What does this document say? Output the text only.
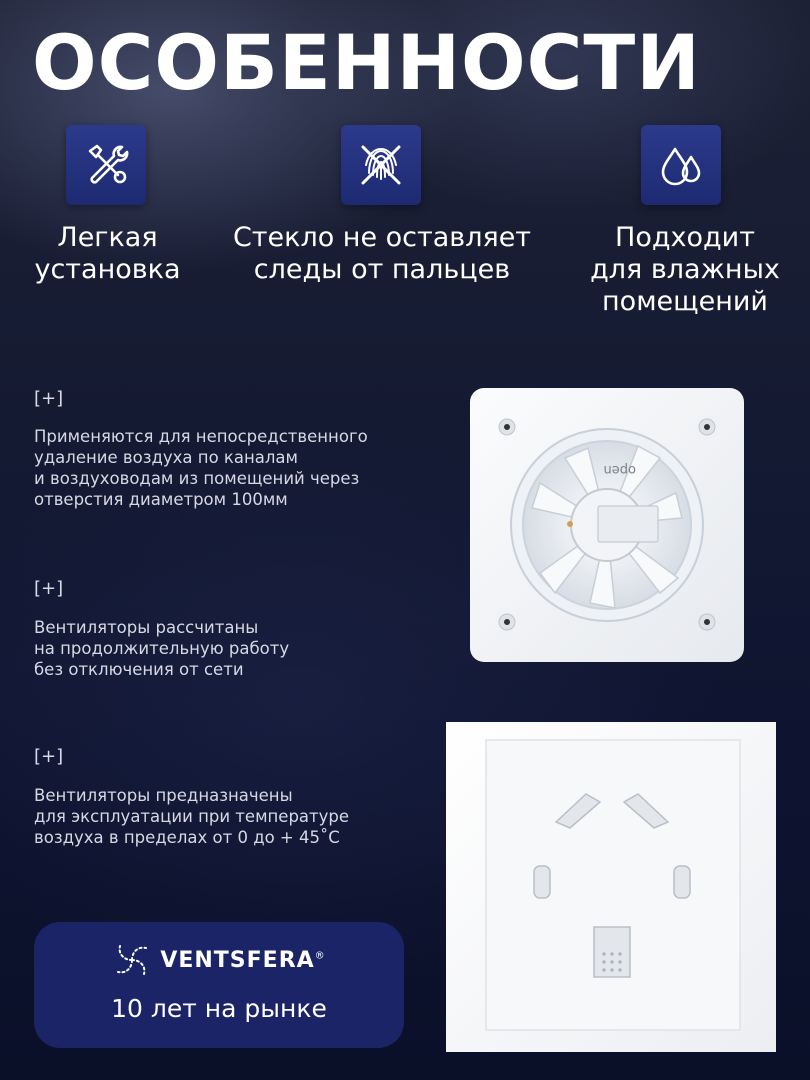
ОСОБЕННОСТИ
Легкая
установка
Стекло не оставляет
следы от пальцев
Подходит
для влажных
помещений
[+]
Применяются для непосредственного
удаление воздуха по каналам
и воздуховодам из помещений через
отверстия диаметром 100мм
[+]
Вентиляторы рассчитаны
на продолжительную работу
без отключения от сети
[+]
Вентиляторы предназначены
для эксплуатации при температуре
воздуха в пределах от 0 до + 45˚С
open
VENTSFERA®
10 лет на рынке
